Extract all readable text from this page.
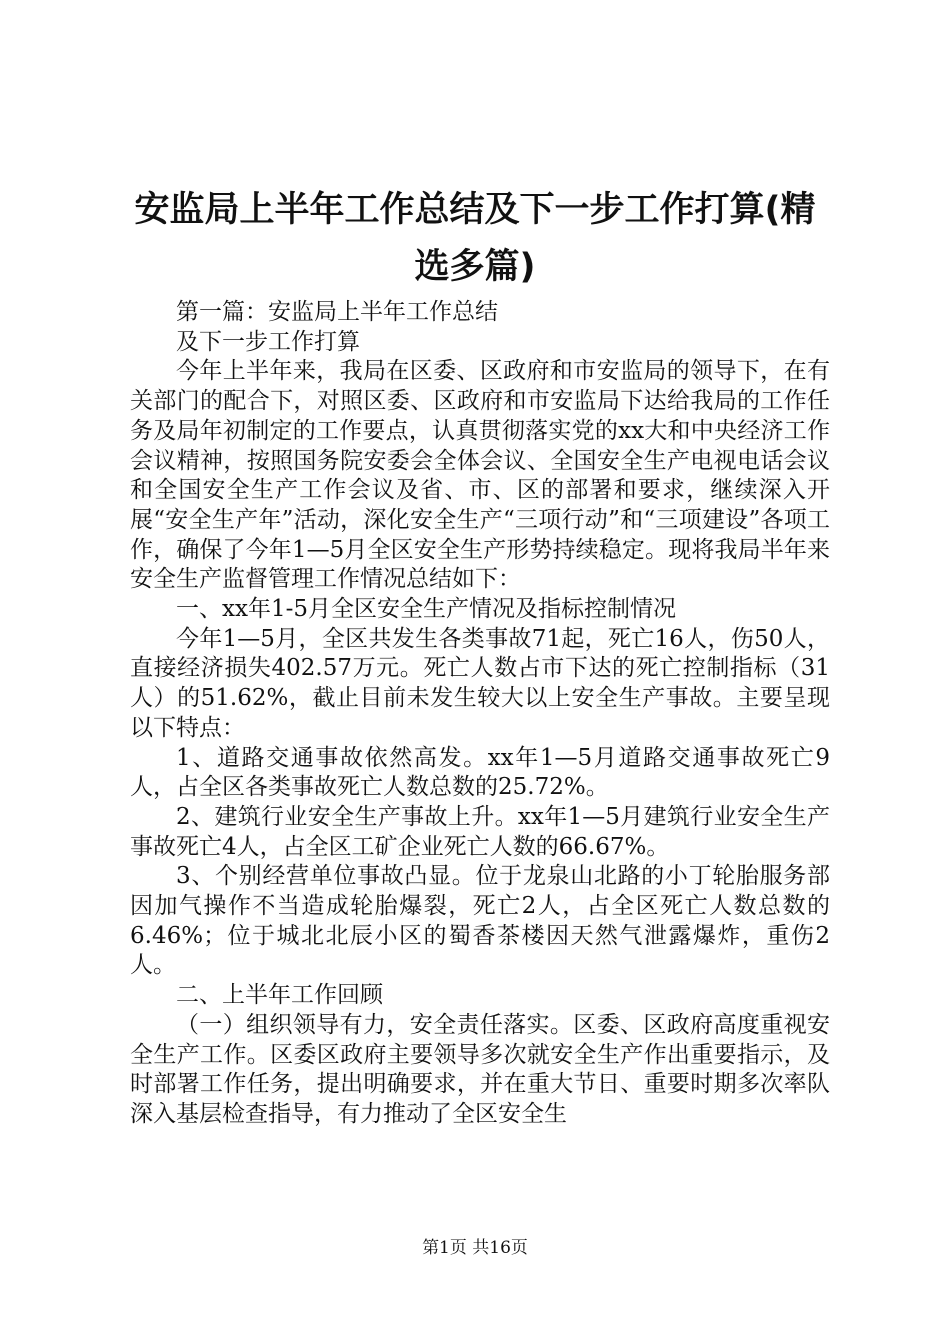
安监局上半年工作总结及下一步工作打算(精
选多篇)

第一篇：安监局上半年工作总结

及下一步工作打算

今年上半年来，我局在区委、区政府和市安监局的领导下，在有关部门的配合下，对照区委、区政府和市安监局下达给我局的工作任务及局年初制定的工作要点，认真贯彻落实党的xx大和中央经济工作会议精神，按照国务院安委会全体会议、全国安全生产电视电话会议和全国安全生产工作会议及省、市、区的部署和要求，继续深入开展“安全生产年”活动，深化安全生产“三项行动”和“三项建设”各项工作，确保了今年1—5月全区安全生产形势持续稳定。现将我局半年来安全生产监督管理工作情况总结如下：

一、xx年1-5月全区安全生产情况及指标控制情况

今年1—5月，全区共发生各类事故71起，死亡16人，伤50人，直接经济损失402.57万元。死亡人数占市下达的死亡控制指标（31人）的51.62%，截止目前未发生较大以上安全生产事故。主要呈现以下特点：

1、道路交通事故依然高发。xx年1—5月道路交通事故死亡9人，占全区各类事故死亡人数总数的25.72%。

2、建筑行业安全生产事故上升。xx年1—5月建筑行业安全生产事故死亡4人，占全区工矿企业死亡人数的66.67%。

3、个别经营单位事故凸显。位于龙泉山北路的小丁轮胎服务部因加气操作不当造成轮胎爆裂，死亡2人，占全区死亡人数总数的6.46%；位于城北北辰小区的蜀香茶楼因天然气泄露爆炸，重伤2人。

二、上半年工作回顾

（一）组织领导有力，安全责任落实。区委、区政府高度重视安全生产工作。区委区政府主要领导多次就安全生产作出重要指示，及时部署工作任务，提出明确要求，并在重大节日、重要时期多次率队深入基层检查指导，有力推动了全区安全生

第1页 共16页
